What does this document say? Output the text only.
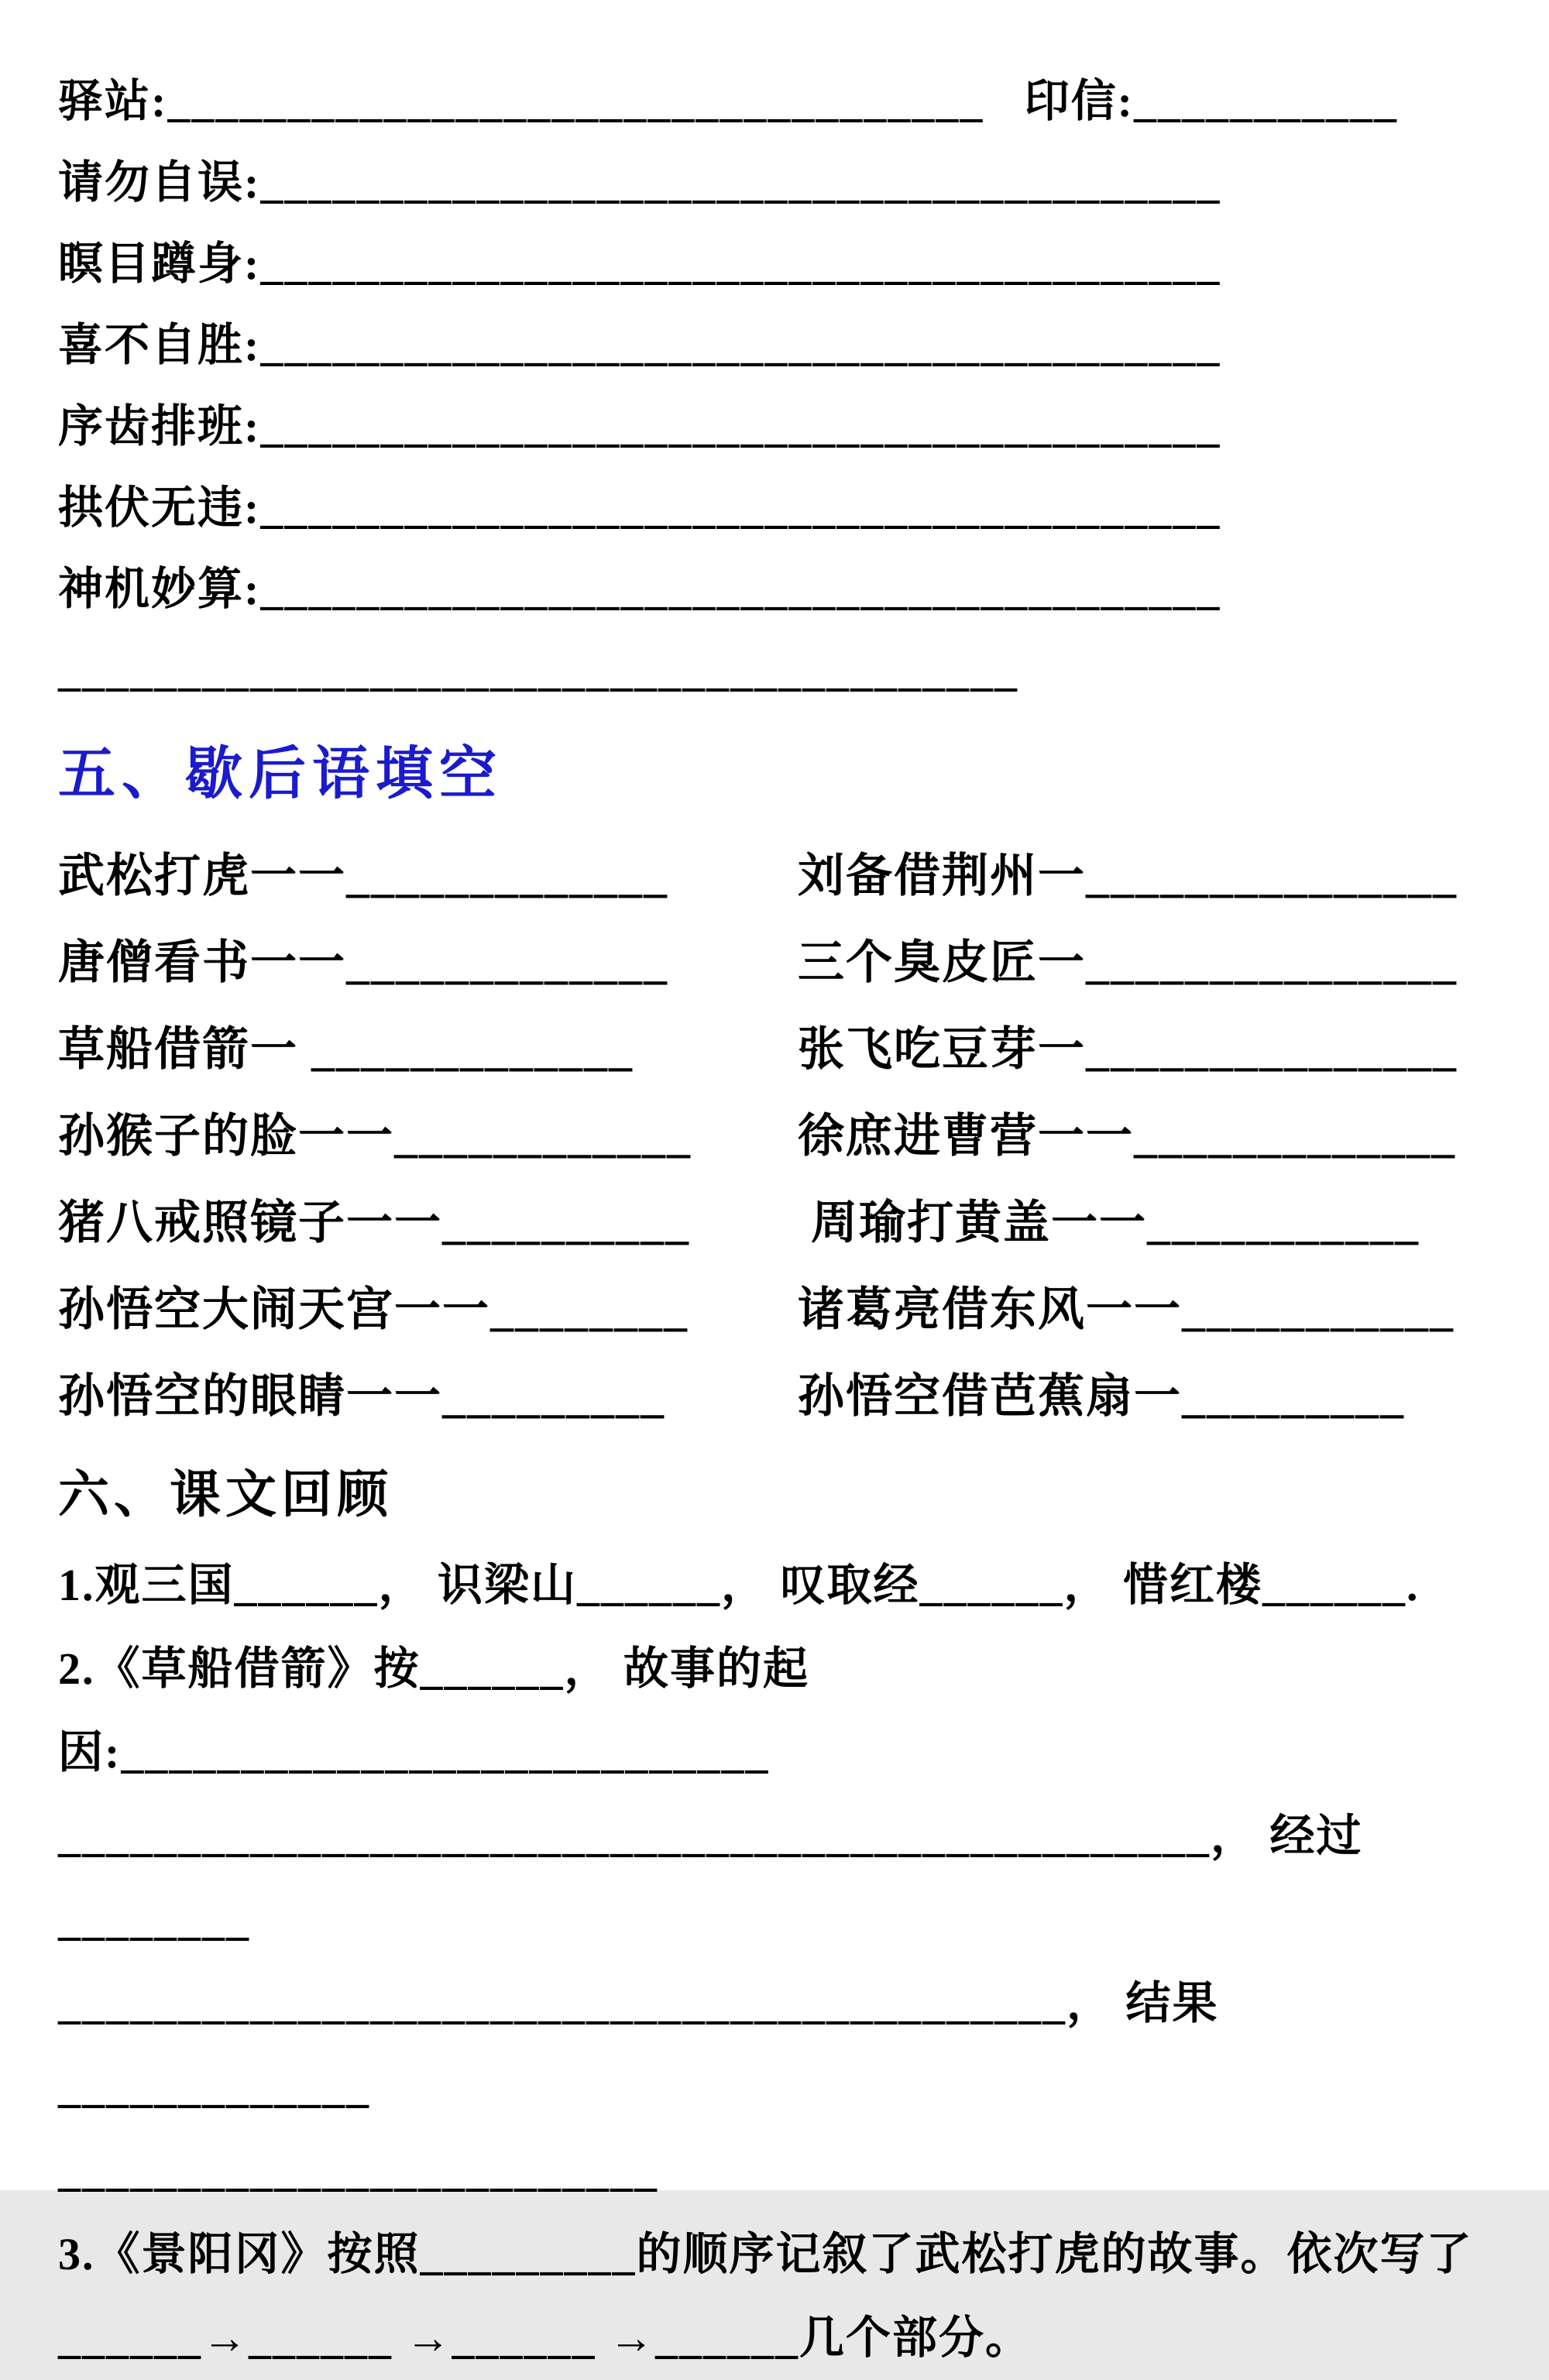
驿站:__________________________________ 印信:___________
请勿自误:________________________________________
瞑目蹲身:________________________________________
喜不自胜:________________________________________
序齿排班:________________________________________
拱伏无违:________________________________________
神机妙算:________________________________________
________________________________________
五、歇后语填空
武松打虎一一_____________	刘备借荆州一_______________
唐僧看书一一_____________	三个臭皮匠一_______________
草船借箭一 _____________	张飞吃豆芽一_______________
孙猴子的脸一一____________	徐庶进曹营一一_____________
猪八戒照镜子一一__________	周瑜打黄盖一一___________
孙悟空大闹天宫一一________	诸葛亮借东风一一___________
孙悟空的眼睛一一_________	孙悟空借芭蕉扇一_________
六、课文回顾
1.观三国______， 识梁山______， 叹取经______， 惜红楼______.
2.《草船借箭》按______， 故事的起因:___________________________
________________________________________________， 经过________
__________________________________________， 结果_____________
_________________________
3.《景阳冈》按照_________的顺序记叙了武松打虎的故事。依次写了
______→______ →______ →______几个部分。
